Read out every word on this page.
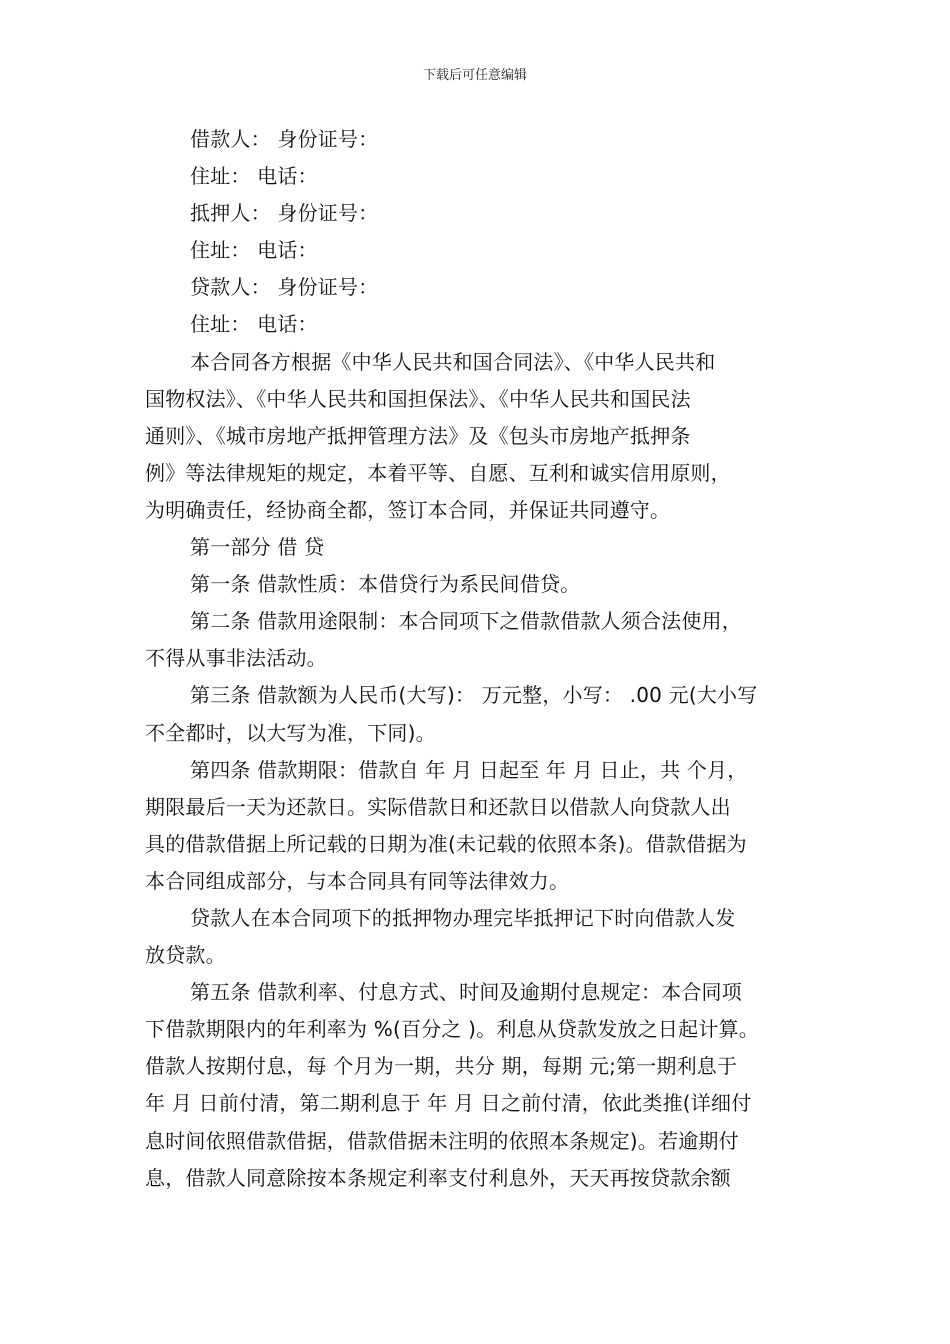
下载后可任意编辑

借款人： 身份证号：

住址： 电话：

抵押人： 身份证号：

住址： 电话：

贷款人： 身份证号：

住址： 电话：

本合同各方根据《中华人民共和国合同法》、《中华人民共和

国物权法》、《中华人民共和国担保法》、《中华人民共和国民法

通则》、《城市房地产抵押管理方法》及《包头市房地产抵押条

例》等法律规矩的规定，本着平等、自愿、互利和诚实信用原则，

为明确责任，经协商全都，签订本合同，并保证共同遵守。

第一部分 借 贷

第一条 借款性质：本借贷行为系民间借贷。

第二条 借款用途限制：本合同项下之借款借款人须合法使用，

不得从事非法活动。

第三条 借款额为人民币(大写)： 万元整，小写： .00 元(大小写

不全都时，以大写为准，下同)。

第四条 借款期限：借款自 年 月 日起至 年 月 日止，共 个月，

期限最后一天为还款日。实际借款日和还款日以借款人向贷款人出

具的借款借据上所记载的日期为准(未记载的依照本条)。借款借据为

本合同组成部分，与本合同具有同等法律效力。

贷款人在本合同项下的抵押物办理完毕抵押记下时向借款人发

放贷款。

第五条 借款利率、付息方式、时间及逾期付息规定：本合同项

下借款期限内的年利率为 %(百分之 )。利息从贷款发放之日起计算。

借款人按期付息，每 个月为一期，共分 期，每期 元;第一期利息于

年 月 日前付清，第二期利息于 年 月 日之前付清，依此类推(详细付

息时间依照借款借据，借款借据未注明的依照本条规定)。若逾期付

息，借款人同意除按本条规定利率支付利息外，天天再按贷款余额
